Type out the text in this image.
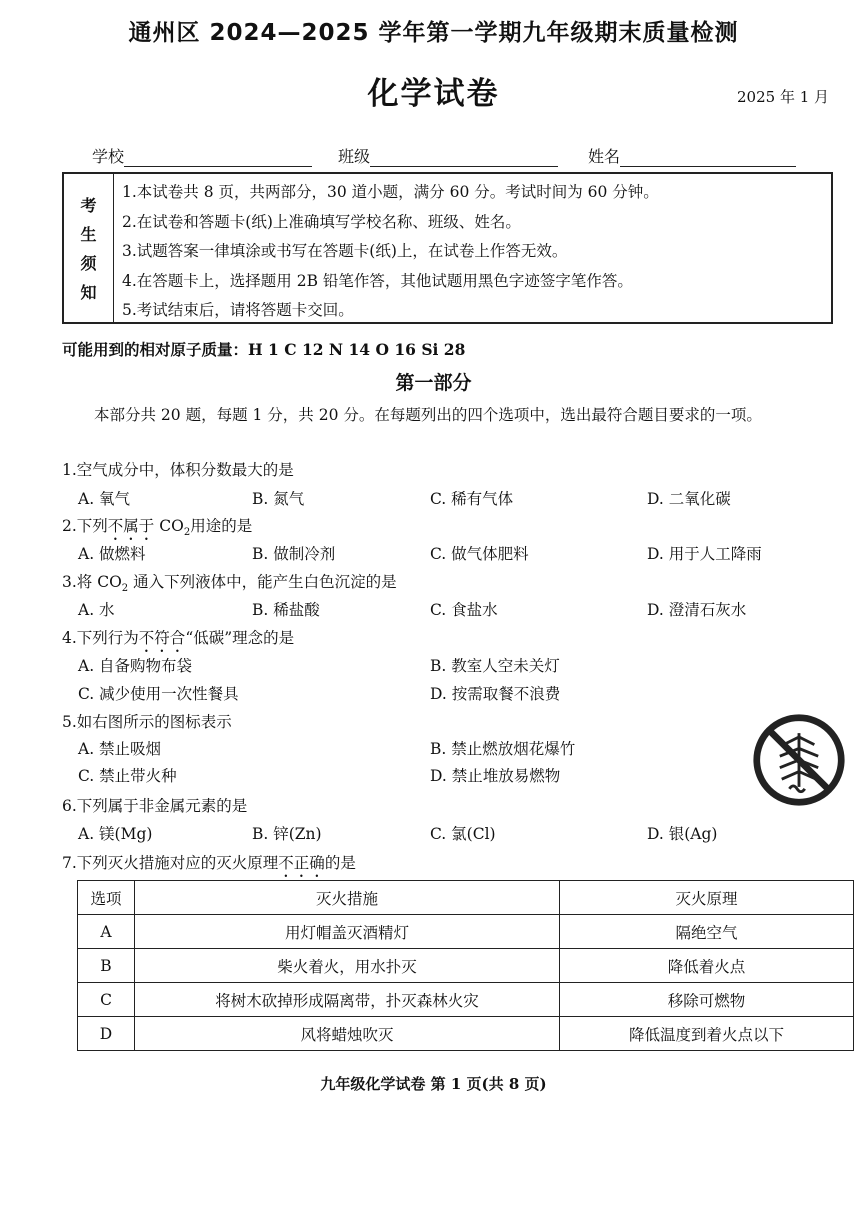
通州区 2024—2025 学年第一学期九年级期末质量检测
化学试卷	2025 年 1 月
学校	班级	姓名
考
生
须
知
1.本试卷共 8 页，共两部分，30 道小题，满分 60 分。考试时间为 60 分钟。
2.在试卷和答题卡(纸)上准确填写学校名称、班级、姓名。
3.试题答案一律填涂或书写在答题卡(纸)上，在试卷上作答无效。
4.在答题卡上，选择题用 2B 铅笔作答，其他试题用黑色字迹签字笔作答。
5.考试结束后，请将答题卡交回。
可能用到的相对原子质量：H 1 C 12 N 14 O 16 Si 28
第一部分
本部分共 20 题，每题 1 分，共 20 分。在每题列出的四个选项中，选出最符合题目要求的一项。
1.空气成分中，体积分数最大的是
A. 氧气	B. 氮气	C. 稀有气体	D. 二氧化碳
2.下列不属于 $CO_2$用途的是
A. 做燃料	B. 做制冷剂	C. 做气体肥料	D. 用于人工降雨
3.将 $CO_2$ 通入下列液体中，能产生白色沉淀的是
A. 水	B. 稀盐酸	C. 食盐水	D. 澄清石灰水
4.下列行为不符合“低碳”理念的是
A. 自备购物布袋	B. 教室人空未关灯
C. 减少使用一次性餐具	D. 按需取餐不浪费
5.如右图所示的图标表示
A. 禁止吸烟	B. 禁止燃放烟花爆竹
C. 禁止带火种	D. 禁止堆放易燃物
6.下列属于非金属元素的是
A. 镁(Mg)	B. 锌(Zn)	C. 氯(Cl)	D. 银(Ag)
7.下列灭火措施对应的灭火原理不正确的是
选项	灭火措施	灭火原理
A	用灯帽盖灭酒精灯	隔绝空气
B	柴火着火，用水扑灭	降低着火点
C	将树木砍掉形成隔离带，扑灭森林火灾	移除可燃物
D	风将蜡烛吹灭	降低温度到着火点以下
九年级化学试卷 第 1 页(共 8 页)
